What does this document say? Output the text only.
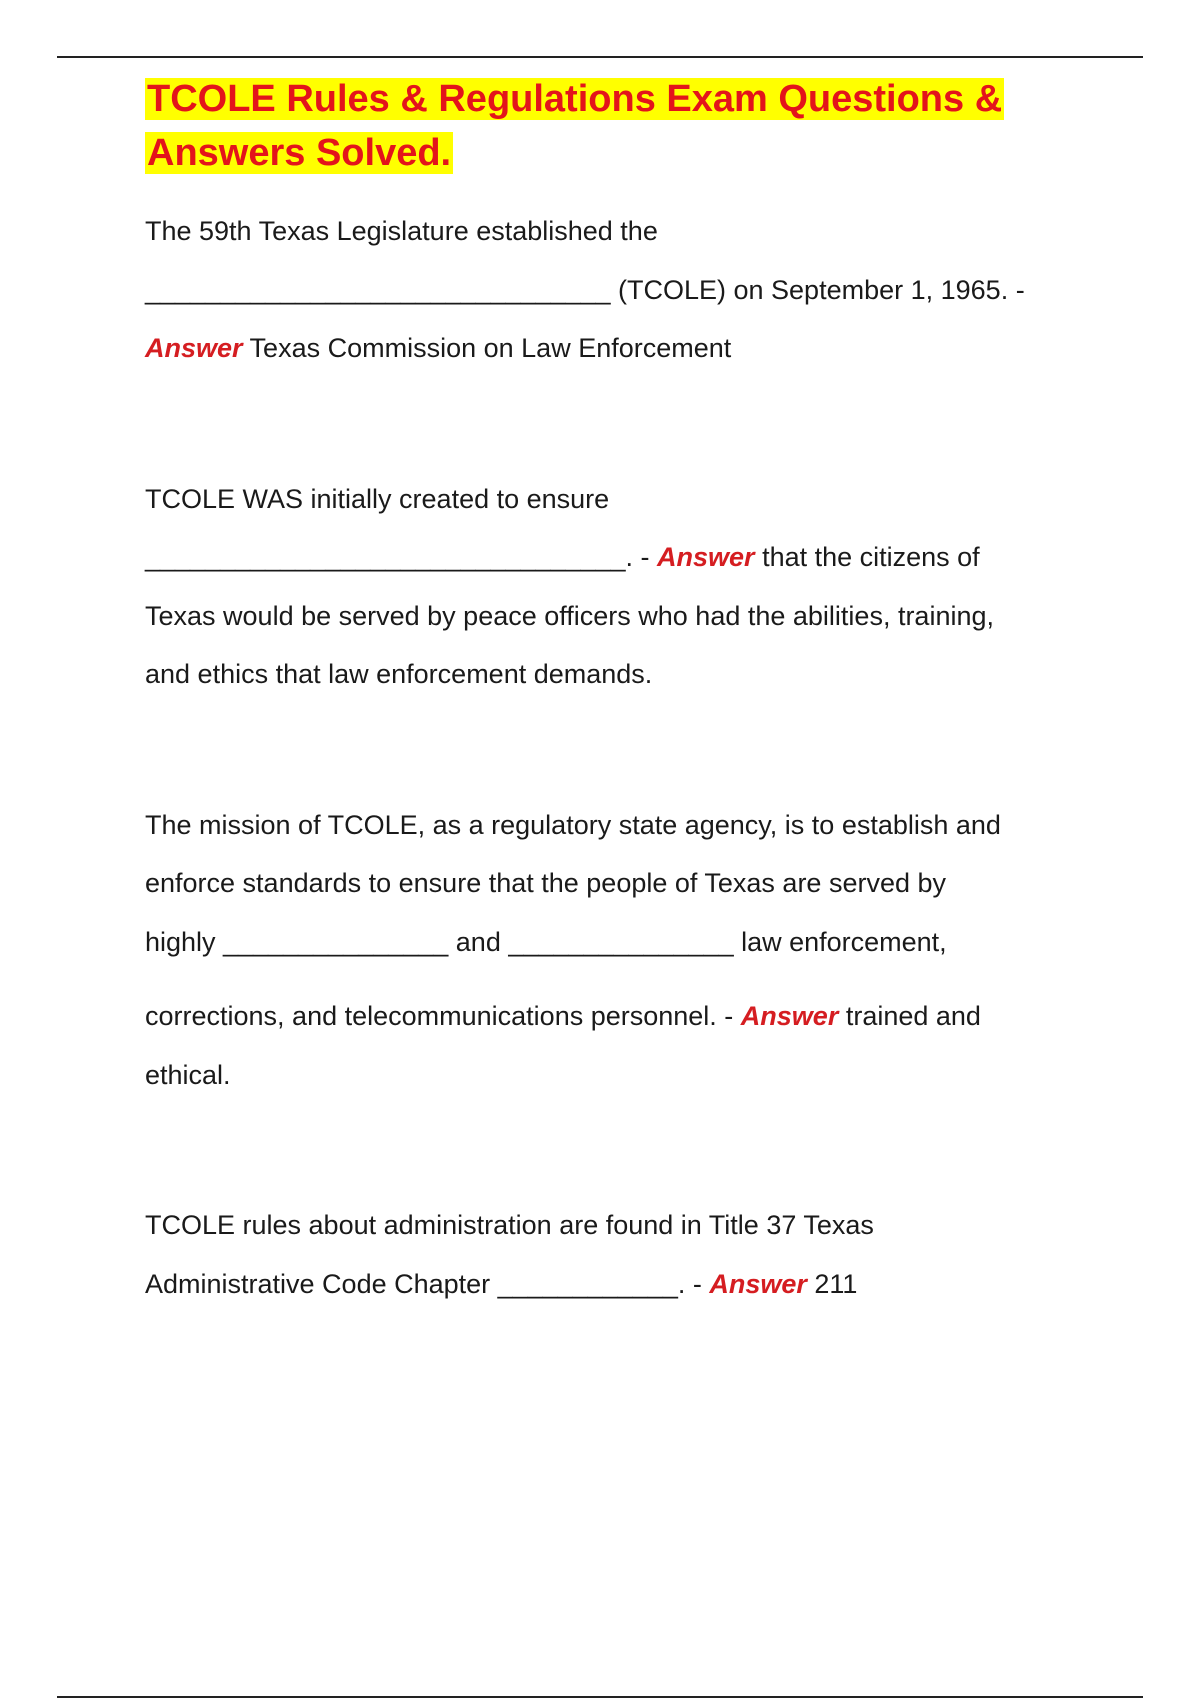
TCOLE Rules & Regulations Exam Questions &
Answers Solved.

The 59th Texas Legislature established the

_______________________________ (TCOLE) on September 1, 1965. -

Answer Texas Commission on Law Enforcement

TCOLE WAS initially created to ensure

________________________________. - Answer that the citizens of

Texas would be served by peace officers who had the abilities, training,

and ethics that law enforcement demands.

The mission of TCOLE, as a regulatory state agency, is to establish and

enforce standards to ensure that the people of Texas are served by

highly _______________ and _______________ law enforcement,

corrections, and telecommunications personnel. - Answer trained and

ethical.

TCOLE rules about administration are found in Title 37 Texas

Administrative Code Chapter ____________. - Answer 211
